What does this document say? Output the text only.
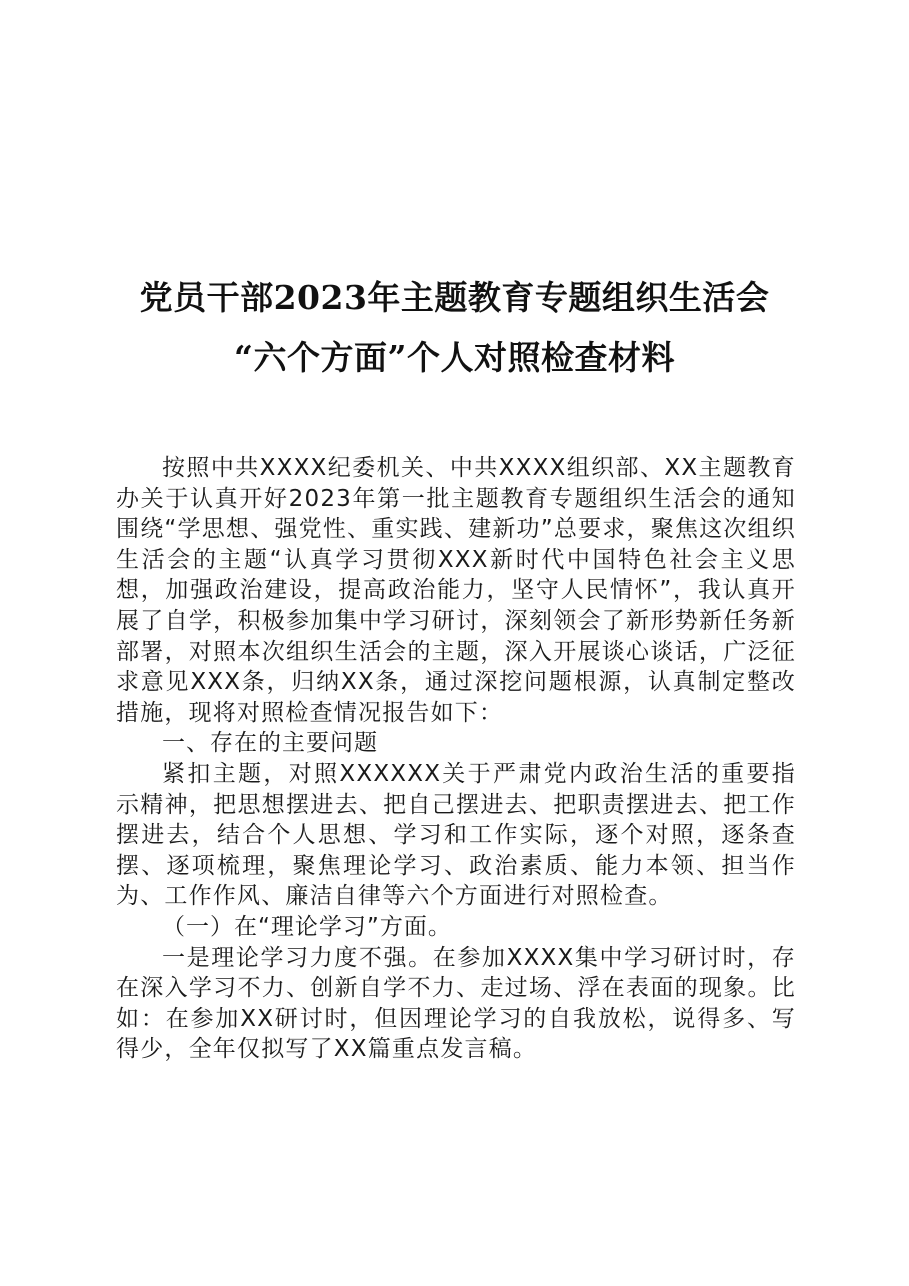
党员干部2023年主题教育专题组织生活会
“六个方面”个人对照检查材料

按照中共XXXX纪委机关、中共XXXX组织部、XX主题教育办关于认真开好2023年第一批主题教育专题组织生活会的通知围绕“学思想、强党性、重实践、建新功”总要求，聚焦这次组织生活会的主题“认真学习贯彻XXX新时代中国特色社会主义思想，加强政治建设，提高政治能力，坚守人民情怀”，我认真开展了自学，积极参加集中学习研讨，深刻领会了新形势新任务新部署，对照本次组织生活会的主题，深入开展谈心谈话，广泛征求意见XXX条，归纳XX条，通过深挖问题根源，认真制定整改措施，现将对照检查情况报告如下：

一、存在的主要问题

紧扣主题，对照XXXXXX关于严肃党内政治生活的重要指示精神，把思想摆进去、把自己摆进去、把职责摆进去、把工作摆进去，结合个人思想、学习和工作实际，逐个对照，逐条查摆、逐项梳理，聚焦理论学习、政治素质、能力本领、担当作为、工作作风、廉洁自律等六个方面进行对照检查。

（一）在“理论学习”方面。

一是理论学习力度不强。在参加XXXX集中学习研讨时，存在深入学习不力、创新自学不力、走过场、浮在表面的现象。比如：在参加XX研讨时，但因理论学习的自我放松，说得多、写得少，全年仅拟写了XX篇重点发言稿。
